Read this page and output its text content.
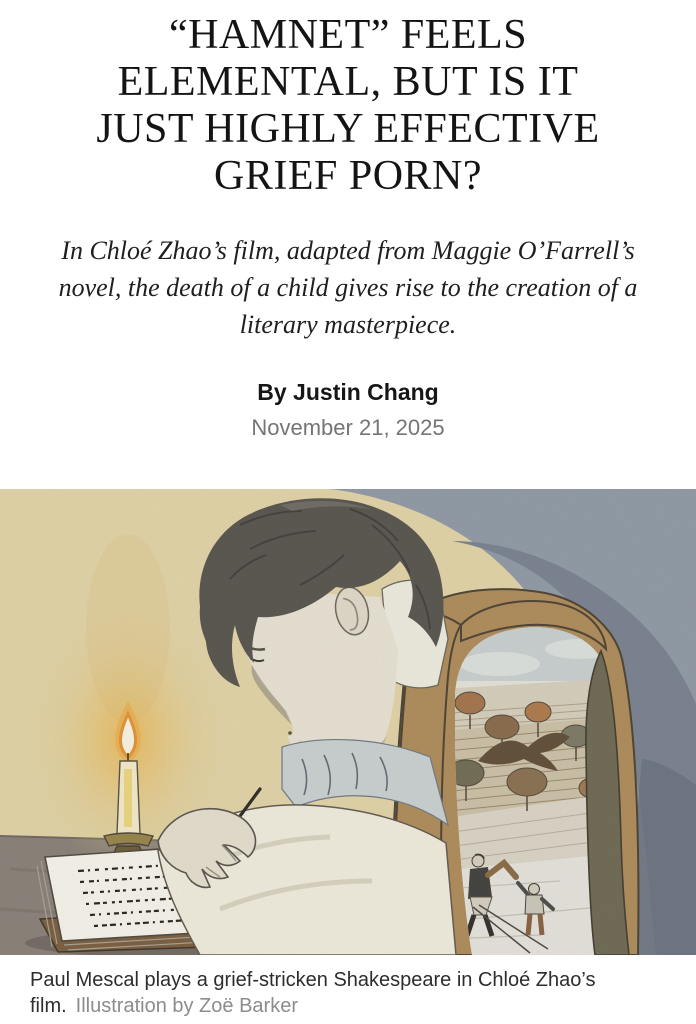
“HAMNET” FEELS
ELEMENTAL, BUT IS IT
JUST HIGHLY EFFECTIVE
GRIEF PORN?

In Chloé Zhao’s film, adapted from Maggie O’Farrell’s
novel, the death of a child gives rise to the creation of a
literary masterpiece.

By Justin Chang
November 21, 2025
Paul Mescal plays a grief-stricken Shakespeare in Chloé Zhao’s film. Illustration by Zoë Barker
